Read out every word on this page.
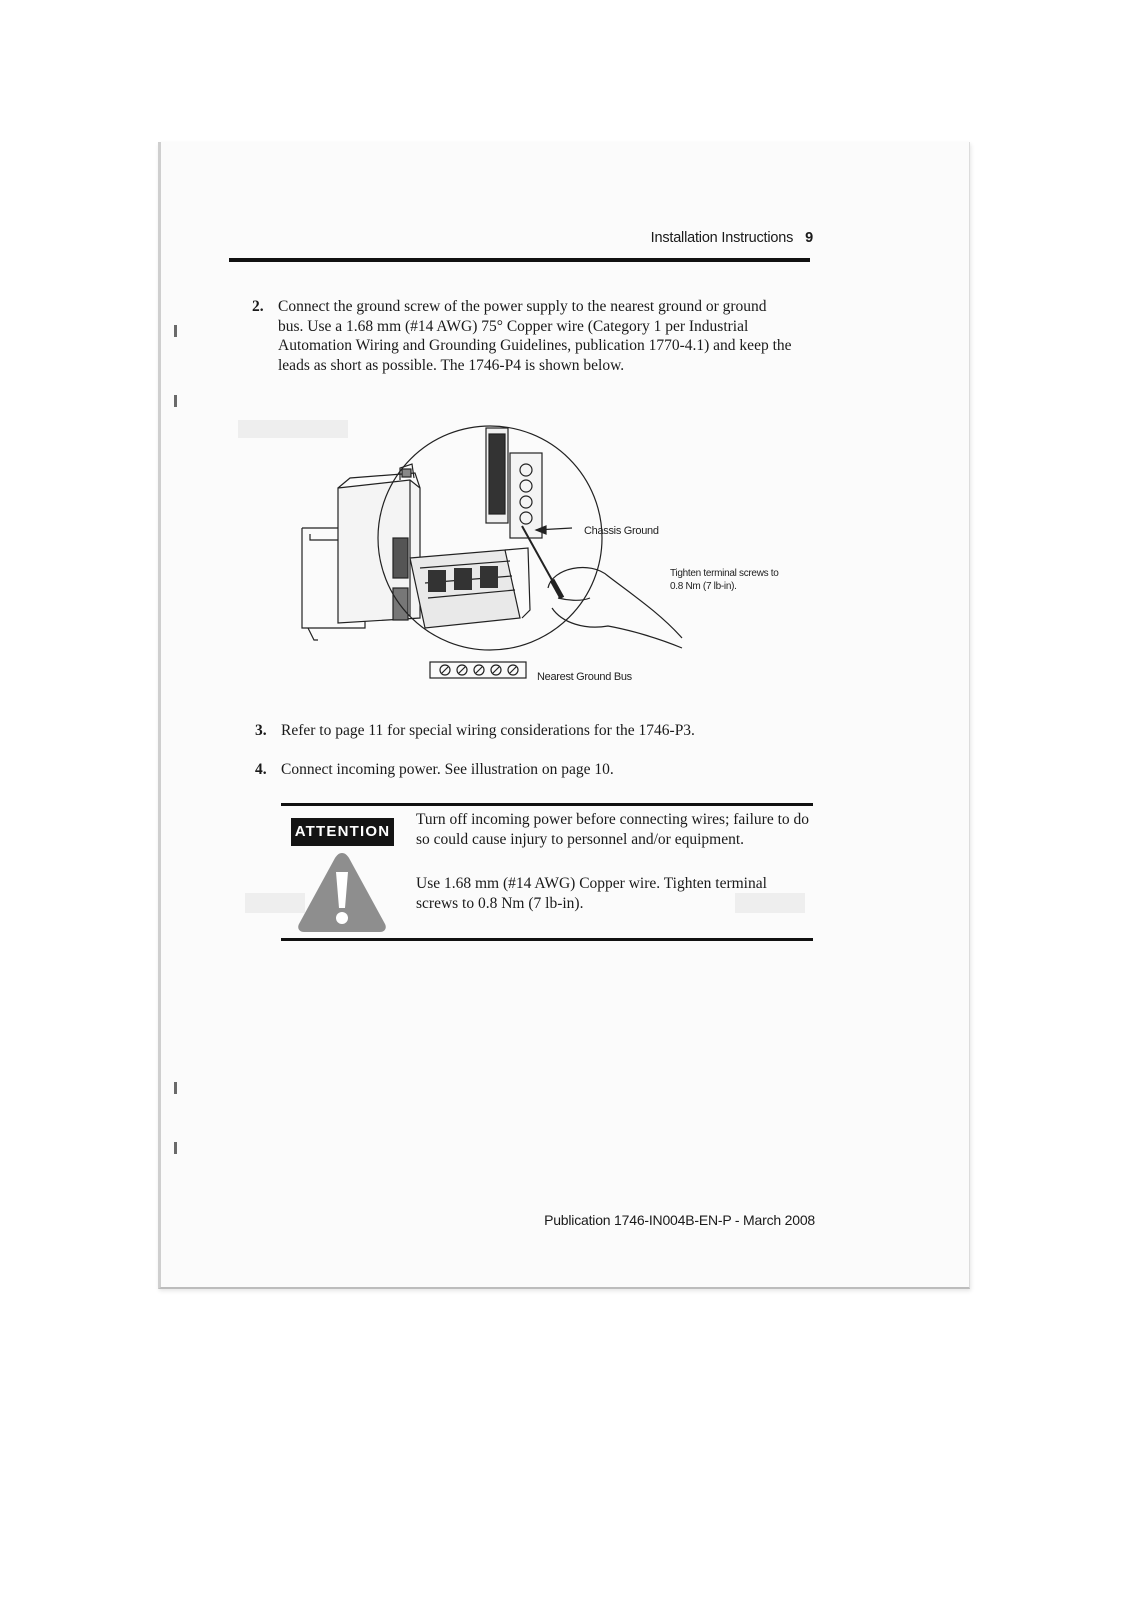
Installation Instructions 9
2. Connect the ground screw of the power supply to the nearest ground or ground bus. Use a 1.68 mm (#14 AWG) 75° Copper wire (Category 1 per Industrial Automation Wiring and Grounding Guidelines, publication 1770-4.1) and keep the leads as short as possible. The 1746-P4 is shown below.
Chassis Ground
Tighten terminal screws to
0.8 Nm (7 lb-in).
Nearest Ground Bus
3. Refer to page 11 for special wiring considerations for the 1746-P3.
4. Connect incoming power. See illustration on page 10.
ATTENTION
Turn off incoming power before connecting wires; failure to do so could cause injury to personnel and/or equipment.
Use 1.68 mm (#14 AWG) Copper wire. Tighten terminal screws to 0.8 Nm (7 lb-in).
Publication 1746-IN004B-EN-P - March 2008
